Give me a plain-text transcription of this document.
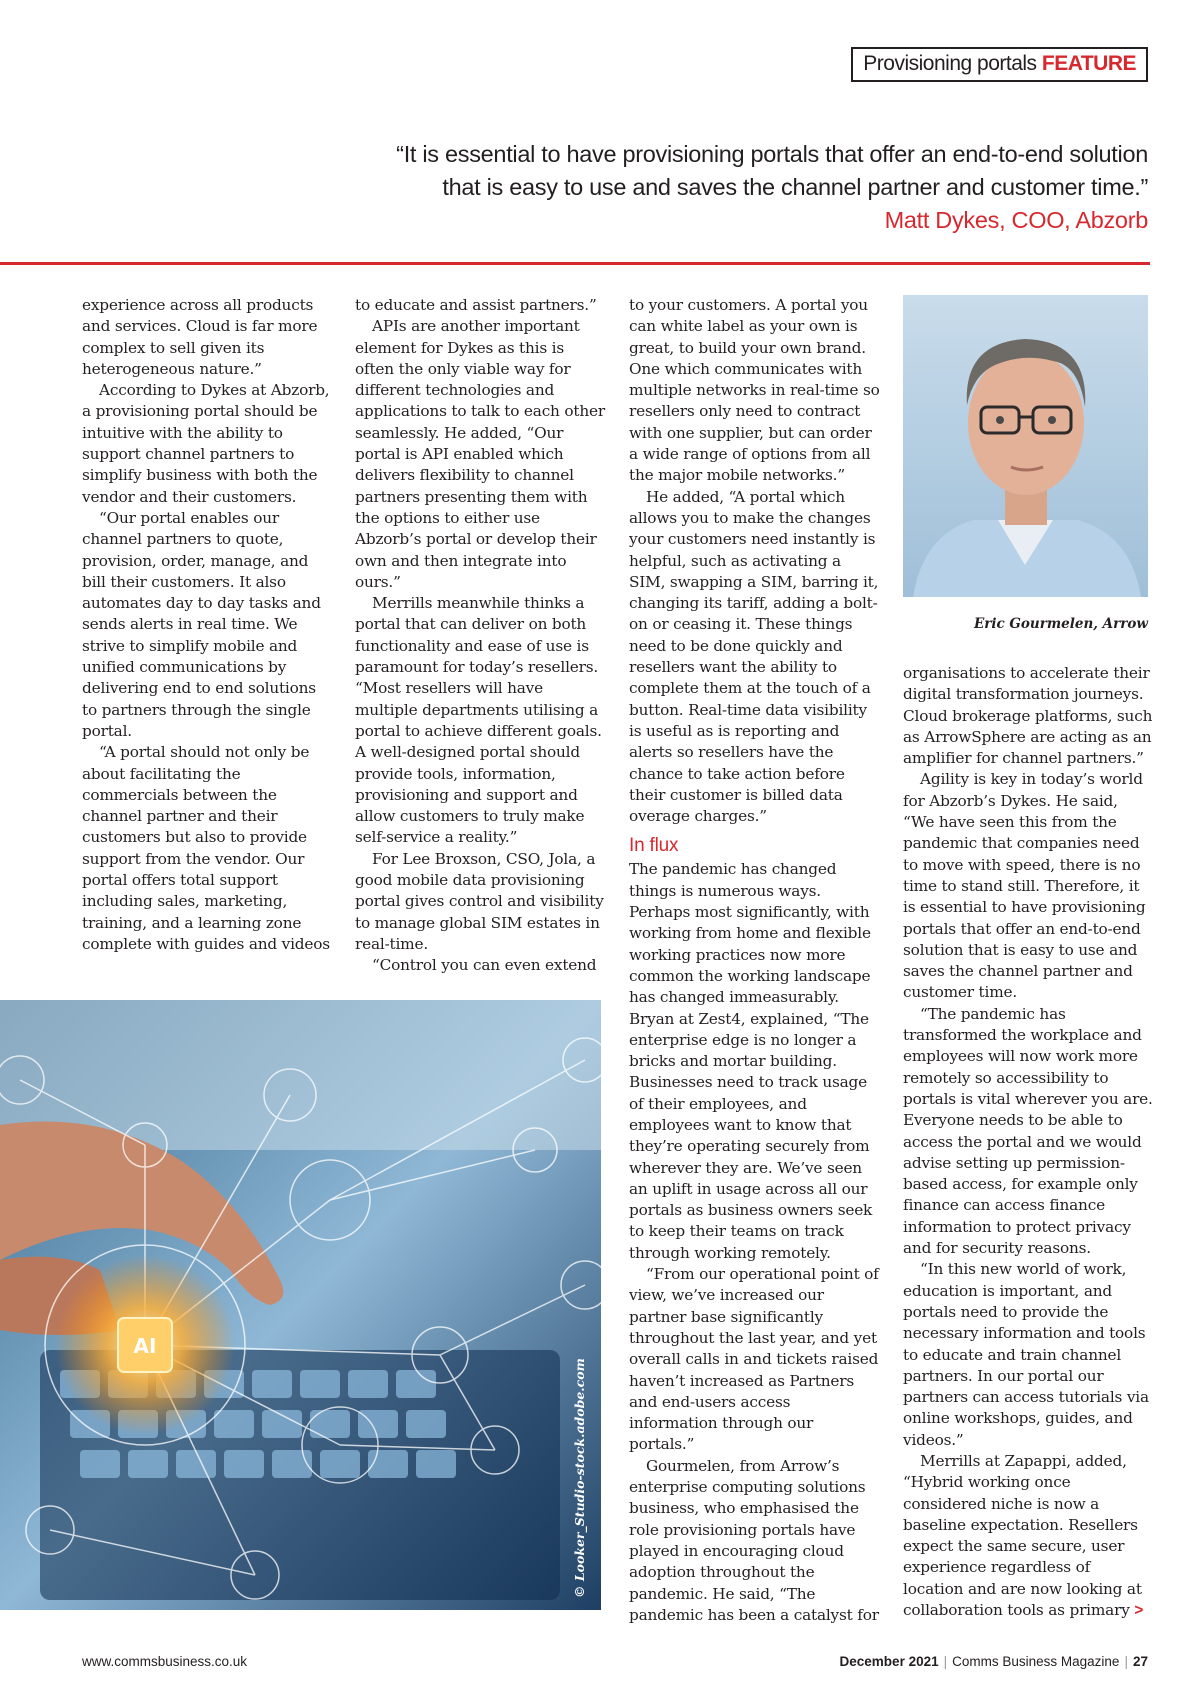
Provisioning portals FEATURE
“It is essential to have provisioning portals that offer an end-to-end solution
that is easy to use and saves the channel partner and customer time.”
Matt Dykes, COO, Abzorb

experience across all products and services. Cloud is far more complex to sell given its heterogeneous nature.”

According to Dykes at Abzorb, a provisioning portal should be intuitive with the ability to support channel partners to simplify business with both the vendor and their customers.

“Our portal enables our channel partners to quote, provision, order, manage, and bill their customers. It also automates day to day tasks and sends alerts in real time. We strive to simplify mobile and unified communications by delivering end to end solutions to partners through the single portal.

“A portal should not only be about facilitating the commercials between the channel partner and their customers but also to provide support from the vendor. Our portal offers total support including sales, marketing, training, and a learning zone complete with guides and videos

to educate and assist partners.”

APIs are another important element for Dykes as this is often the only viable way for different technologies and applications to talk to each other seamlessly. He added, “Our portal is API enabled which delivers flexibility to channel partners presenting them with the options to either use Abzorb’s portal or develop their own and then integrate into ours.”

Merrills meanwhile thinks a portal that can deliver on both functionality and ease of use is paramount for today’s resellers. “Most resellers will have multiple departments utilising a portal to achieve different goals. A well-designed portal should provide tools, information, provisioning and support and allow customers to truly make self-service a reality.”

For Lee Broxson, CSO, Jola, a good mobile data provisioning portal gives control and visibility to manage global SIM estates in real-time.

“Control you can even extend

to your customers. A portal you can white label as your own is great, to build your own brand. One which communicates with multiple networks in real-time so resellers only need to contract with one supplier, but can order a wide range of options from all the major mobile networks.”

He added, “A portal which allows you to make the changes your customers need instantly is helpful, such as activating a SIM, swapping a SIM, barring it, changing its tariff, adding a bolt-on or ceasing it. These things need to be done quickly and resellers want the ability to complete them at the touch of a button. Real-time data visibility is useful as is reporting and alerts so resellers have the chance to take action before their customer is billed data overage charges.”

In flux

The pandemic has changed things is numerous ways. Perhaps most significantly, with working from home and flexible working practices now more common the working landscape has changed immeasurably. Bryan at Zest4, explained, “The enterprise edge is no longer a bricks and mortar building. Businesses need to track usage of their employees, and employees want to know that they’re operating securely from wherever they are. We’ve seen an uplift in usage across all our portals as business owners seek to keep their teams on track through working remotely.

“From our operational point of view, we’ve increased our partner base significantly throughout the last year, and yet overall calls in and tickets raised haven’t increased as Partners and end-users access information through our portals.”

Gourmelen, from Arrow’s enterprise computing solutions business, who emphasised the role provisioning portals have played in encouraging cloud adoption throughout the pandemic. He said, “The pandemic has been a catalyst for

Eric Gourmelen, Arrow

organisations to accelerate their digital transformation journeys. Cloud brokerage platforms, such as ArrowSphere are acting as an amplifier for channel partners.”

Agility is key in today’s world for Abzorb’s Dykes. He said, “We have seen this from the pandemic that companies need to move with speed, there is no time to stand still. Therefore, it is essential to have provisioning portals that offer an end-to-end solution that is easy to use and saves the channel partner and customer time.

“The pandemic has transformed the workplace and employees will now work more remotely so accessibility to portals is vital wherever you are. Everyone needs to be able to access the portal and we would advise setting up permission-based access, for example only finance can access finance information to protect privacy and for security reasons.

“In this new world of work, education is important, and portals need to provide the necessary information and tools to educate and train channel partners. In our portal our partners can access tutorials via online workshops, guides, and videos.”

Merrills at Zapappi, added, “Hybrid working once considered niche is now a baseline expectation. Resellers expect the same secure, user experience regardless of location and are now looking at collaboration tools as primary >

AI
© Looker_Studio-stock.adobe.com
www.commsbusiness.co.uk	December 2021 | Comms Business Magazine | 27
